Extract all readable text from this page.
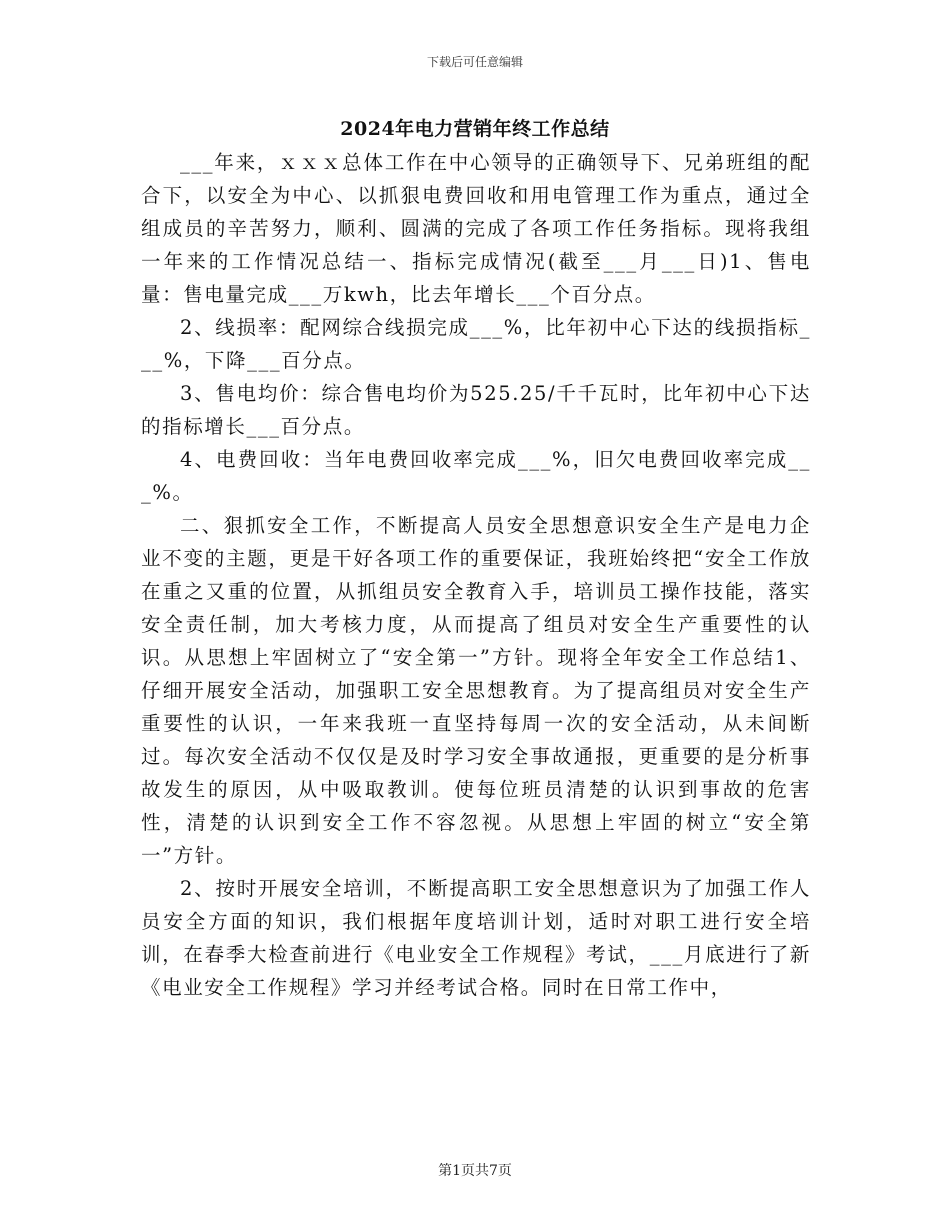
下载后可任意编辑
2024年电力营销年终工作总结

___年来，ｘｘｘ总体工作在中心领导的正确领导下、兄弟班组的配合下，以安全为中心、以抓狠电费回收和用电管理工作为重点，通过全组成员的辛苦努力，顺利、圆满的完成了各项工作任务指标。现将我组一年来的工作情况总结一、指标完成情况(截至___月___日)1、售电量：售电量完成___万kwh，比去年增长___个百分点。

2、线损率：配网综合线损完成___%，比年初中心下达的线损指标___%，下降___百分点。

3、售电均价：综合售电均价为525.25/千千瓦时，比年初中心下达的指标增长___百分点。

4、电费回收：当年电费回收率完成___%，旧欠电费回收率完成___%。

二、狠抓安全工作，不断提高人员安全思想意识安全生产是电力企业不变的主题，更是干好各项工作的重要保证，我班始终把“安全工作放在重之又重的位置，从抓组员安全教育入手，培训员工操作技能，落实安全责任制，加大考核力度，从而提高了组员对安全生产重要性的认识。从思想上牢固树立了“安全第一”方针。现将全年安全工作总结1、仔细开展安全活动，加强职工安全思想教育。为了提高组员对安全生产重要性的认识，一年来我班一直坚持每周一次的安全活动，从未间断过。每次安全活动不仅仅是及时学习安全事故通报，更重要的是分析事故发生的原因，从中吸取教训。使每位班员清楚的认识到事故的危害性，清楚的认识到安全工作不容忽视。从思想上牢固的树立“安全第一”方针。

2、按时开展安全培训，不断提高职工安全思想意识为了加强工作人员安全方面的知识，我们根据年度培训计划，适时对职工进行安全培训，在春季大检查前进行《电业安全工作规程》考试，___月底进行了新《电业安全工作规程》学习并经考试合格。同时在日常工作中，

第1页共7页
